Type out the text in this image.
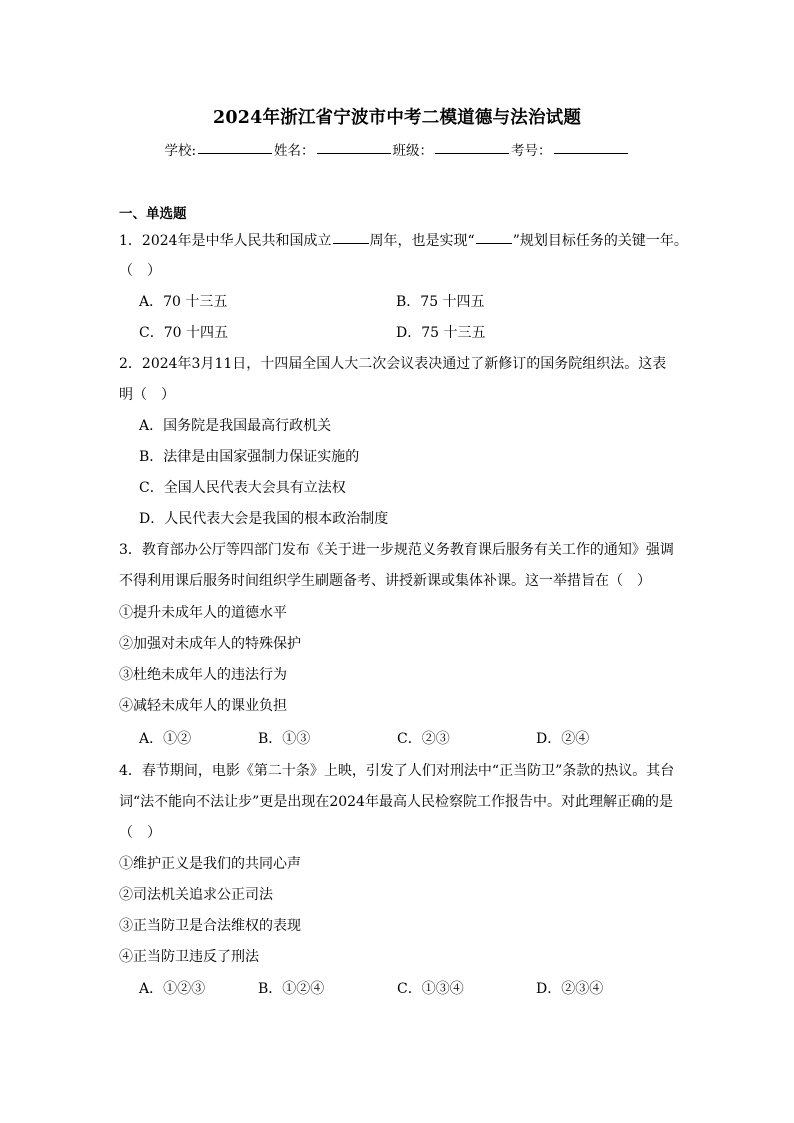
2024年浙江省宁波市中考二模道德与法治试题
学校:	姓名：	班级：	考号：
一、单选题
1．2024年是中华人民共和国成立	周年，也是实现“	”规划目标任务的关键一年。
（　）
A．70 十三五	B．75 十四五
C．70 十四五	D．75 十三五
2．2024年3月11日，十四届全国人大二次会议表决通过了新修订的国务院组织法。这表
明（　）
A．国务院是我国最高行政机关
B．法律是由国家强制力保证实施的
C．全国人民代表大会具有立法权
D．人民代表大会是我国的根本政治制度
3．教育部办公厅等四部门发布《关于进一步规范义务教育课后服务有关工作的通知》强调
不得利用课后服务时间组织学生刷题备考、讲授新课或集体补课。这一举措旨在（　）
①提升未成年人的道德水平
②加强对未成年人的特殊保护
③杜绝未成年人的违法行为
④减轻未成年人的课业负担
A．①②	B．①③	C．②③	D．②④
4．春节期间，电影《第二十条》上映，引发了人们对刑法中“正当防卫”条款的热议。其台
词“法不能向不法让步”更是出现在2024年最高人民检察院工作报告中。对此理解正确的是
（　）
①维护正义是我们的共同心声
②司法机关追求公正司法
③正当防卫是合法维权的表现
④正当防卫违反了刑法
A．①②③	B．①②④	C．①③④	D．②③④
